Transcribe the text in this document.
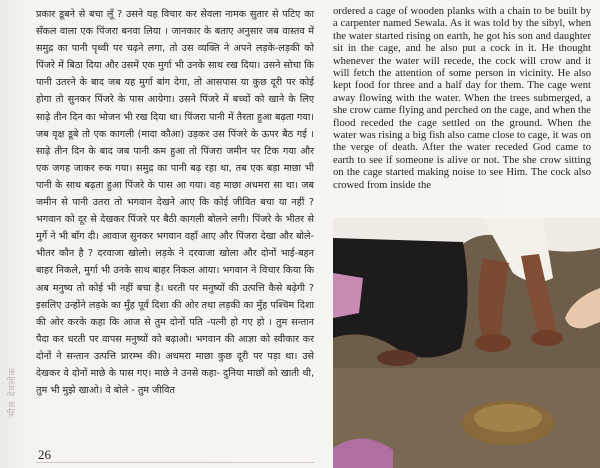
प्रकार डूबने से बचा लूँ ? उसने यह विचार कर सेवला नामक सुतार से पटिए का सँकल वाला एक पिंजरा बनवा लिया । जानकार के बताए अनुसार जब वास्तव में समुद्र का पानी पृथ्वी पर चढ़ने लगा, तो उस व्यक्ति ने अपने लड़के-लड़की को पिंजरे में बिठा दिया और उसमें एक मुर्गा भी उनके साथ रख दिया। उसने सोचा कि पानी उतरने के बाद जब यह मुर्गा बांग देगा, तो आसपास या कुछ दूरी पर कोई होगा तो सुनकर पिंजरे के पास आयेगा। उसने पिंजरे में बच्चों को खाने के लिए साढ़े तीन दिन का भोजन भी रख दिया था। पिंजरा पानी में तैरता हुआ बढ़ता गया। जब वृक्ष डूबे तो एक कागली (मादा कौआ) उड़कर उस पिंजरे के ऊपर बैठ गई । साढ़े तीन दिन के बाद जब पानी कम हुआ तो पिंजरा जमीन पर टिक गया और एक जगह जाकर रुक गया। समुद्र का पानी बढ़ रहा था, तब एक बड़ा माछा भी पानी के साथ बढ़ता हुआ पिंजरे के पास आ गया। वह माछा अधमरा सा था। जब जमीन से पानी उतरा तो भगवान देखने आए कि कोई जीवित बचा या नहीं ? भगवान को दूर से देखकर पिंजरे पर बैठी कागली बोलने लगी। पिंजरे के भीतर से मुर्गे ने भी बाँग दी। आवाज सुनकर भगवान वहाँ आए और पिंजरा देखा और बोले- भीतर कौन है ? दरवाजा खोलो। लड़के ने दरवाजा खोला और दोनों भाई-बहन बाहर निकले, मुर्गा भी उनके साथ बाहर निकल आया। भगवान ने विचार किया कि अब मनुष्य तो कोई भी नहीं बचा है। धरती पर मनुष्यों की उत्पत्ति कैसे बढ़ेगी ? इसलिए उन्होंने लड़के का मुँह पूर्व दिशा की ओर तथा लड़की का मुँह पश्चिम दिशा की ओर करके कहा कि आज से तुम दोनों पति -पत्नी हो गए हो । तुम सन्तान पैदा कर धरती पर वापस मनुष्यों को बढ़ाओ। भगवान की आज्ञा को स्वीकार कर दोनों ने सन्तान उत्पत्ति प्रारम्भ की। अधमरा माछा कुछ दूरी पर पड़ा था। उसे देखकर वे दोनों माछे के पास गए। माछे ने उनसे कहा- दुनिया माछों को खाती थी, तुम भी मुझे खाओ। वे बोले - तुम जीवित

ordered a cage of wooden planks with a chain to be built by a carpenter named Sewala. As it was told by the sibyl, when the water started rising on earth, he got his son and daughter sit in the cage, and he also put a cock in it. He thought whenever the water will recede, the cock will crow and it will fetch the attention of some person in vicinity. He also kept food for three and a half day for them. The cage went away flowing with the water. When the trees submerged, a she crow came flying and perched on the cage, and when the flood receded the cage settled on the ground. When the water was rising a big fish also came close to cage, it was on the verge of death. After the water receded God came to earth to see if someone is alive or not. The she crow sitting on the cage started making noise to see Him. The cock also crowed from inside the

भील देवलोक
26
